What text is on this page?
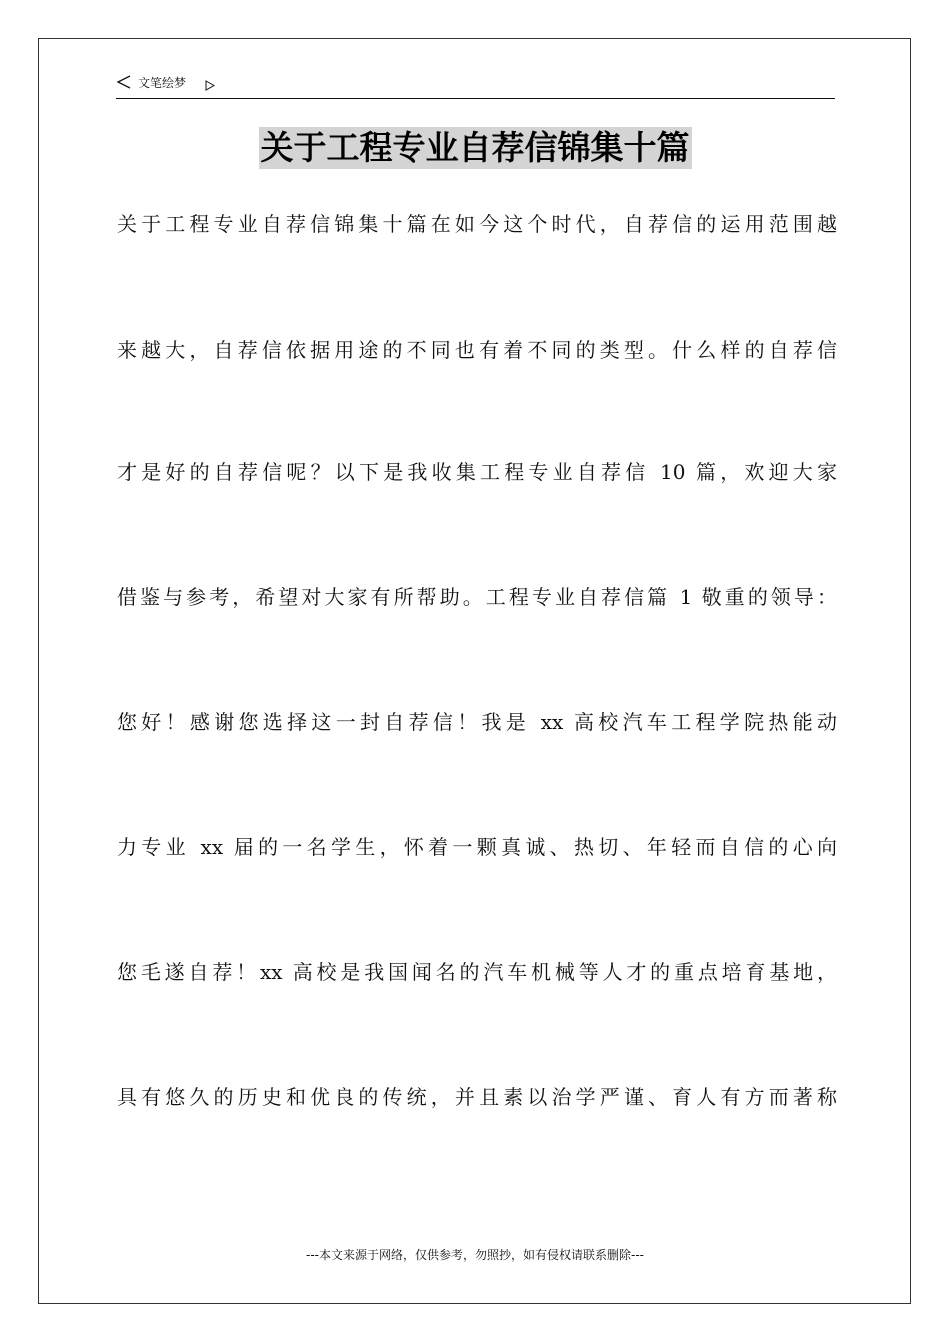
文笔绘梦
关于工程专业自荐信锦集十篇
关于工程专业自荐信锦集十篇在如今这个时代，自荐信的运用范围越
来越大，自荐信依据用途的不同也有着不同的类型。什么样的自荐信
才是好的自荐信呢？以下是我收集工程专业自荐信 10 篇，欢迎大家
借鉴与参考，希望对大家有所帮助。工程专业自荐信篇 1 敬重的领导：
您好！感谢您选择这一封自荐信！我是 xx 高校汽车工程学院热能动
力专业 xx 届的一名学生，怀着一颗真诚、热切、年轻而自信的心向
您毛遂自荐！xx 高校是我国闻名的汽车机械等人才的重点培育基地，
具有悠久的历史和优良的传统，并且素以治学严谨、育人有方而著称
---本文来源于网络，仅供参考，勿照抄，如有侵权请联系删除---
